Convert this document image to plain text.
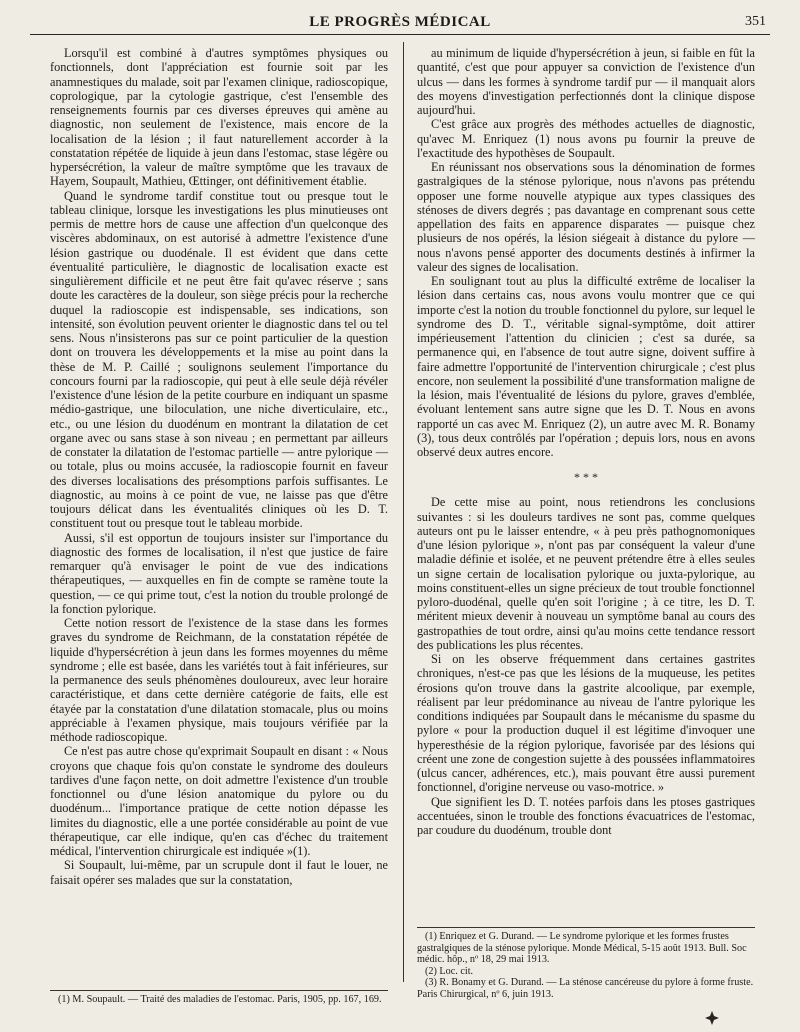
LE PROGRÈS MÉDICAL	351

Lorsqu'il est combiné à d'autres symptômes physiques ou fonctionnels, dont l'appréciation est fournie soit par les anamnestiques du malade, soit par l'examen clinique, radioscopique, coprologique, par la cytologie gastrique, c'est l'ensemble des renseignements fournis par ces diverses épreuves qui amène au diagnostic, non seulement de l'existence, mais encore de la localisation de la lésion ; il faut naturellement accorder à la constatation répétée de liquide à jeun dans l'estomac, stase légère ou hypersécrétion, la valeur de maître symptôme que les travaux de Hayem, Soupault, Mathieu, Œttinger, ont définitivement établie.

Quand le syndrome tardif constitue tout ou presque tout le tableau clinique, lorsque les investigations les plus minutieuses ont permis de mettre hors de cause une affection d'un quelconque des viscères abdominaux, on est autorisé à admettre l'existence d'une lésion gastrique ou duodénale. Il est évident que dans cette éventualité particulière, le diagnostic de localisation exacte est singulièrement difficile et ne peut être fait qu'avec réserve ; sans doute les caractères de la douleur, son siège précis pour la recherche duquel la radioscopie est indispensable, ses indications, son intensité, son évolution peuvent orienter le diagnostic dans tel ou tel sens. Nous n'insisterons pas sur ce point particulier de la question dont on trouvera les développements et la mise au point dans la thèse de M. P. Caillé ; soulignons seulement l'importance du concours fourni par la radioscopie, qui peut à elle seule déjà révéler l'existence d'une lésion de la petite courbure en indiquant un spasme médio-gastrique, une biloculation, une niche diverticulaire, etc., etc., ou une lésion du duodénum en montrant la dilatation de cet organe avec ou sans stase à son niveau ; en permettant par ailleurs de constater la dilatation de l'estomac partielle — antre pylorique — ou totale, plus ou moins accusée, la radioscopie fournit en faveur des diverses localisations des présomptions parfois suffisantes. Le diagnostic, au moins à ce point de vue, ne laisse pas que d'être toujours délicat dans les éventualités cliniques où les D. T. constituent tout ou presque tout le tableau morbide.

Aussi, s'il est opportun de toujours insister sur l'importance du diagnostic des formes de localisation, il n'est que justice de faire remarquer qu'à envisager le point de vue des indications thérapeutiques, — auxquelles en fin de compte se ramène toute la question, — ce qui prime tout, c'est la notion du trouble prolongé de la fonction pylorique.

Cette notion ressort de l'existence de la stase dans les formes graves du syndrome de Reichmann, de la constatation répétée de liquide d'hypersécrétion à jeun dans les formes moyennes du même syndrome ; elle est basée, dans les variétés tout à fait inférieures, sur la permanence des seuls phénomènes douloureux, avec leur horaire caractéristique, et dans cette dernière catégorie de faits, elle est étayée par la constatation d'une dilatation stomacale, plus ou moins appréciable à l'examen physique, mais toujours vérifiée par la méthode radioscopique.

Ce n'est pas autre chose qu'exprimait Soupault en disant : « Nous croyons que chaque fois qu'on constate le syndrome des douleurs tardives d'une façon nette, on doit admettre l'existence d'un trouble fonctionnel ou d'une lésion anatomique du pylore ou du duodénum... l'importance pratique de cette notion dépasse les limites du diagnostic, elle a une portée considérable au point de vue thérapeutique, car elle indique, qu'en cas d'échec du traitement médical, l'intervention chirurgicale est indiquée »(1).

Si Soupault, lui-même, par un scrupule dont il faut le louer, ne faisait opérer ses malades que sur la constatation,

(1) M. Soupault. — Traité des maladies de l'estomac. Paris, 1905, pp. 167, 169.

au minimum de liquide d'hypersécrétion à jeun, si faible en fût la quantité, c'est que pour appuyer sa conviction de l'existence d'un ulcus — dans les formes à syndrome tardif pur — il manquait alors des moyens d'investigation perfectionnés dont la clinique dispose aujourd'hui.

C'est grâce aux progrès des méthodes actuelles de diagnostic, qu'avec M. Enriquez (1) nous avons pu fournir la preuve de l'exactitude des hypothèses de Soupault.

En réunissant nos observations sous la dénomination de formes gastralgiques de la sténose pylorique, nous n'avons pas prétendu opposer une forme nouvelle atypique aux types classiques des sténoses de divers degrés ; pas davantage en comprenant sous cette appellation des faits en apparence disparates — puisque chez plusieurs de nos opérés, la lésion siégeait à distance du pylore — nous n'avons pensé apporter des documents destinés à infirmer la valeur des signes de localisation.

En soulignant tout au plus la difficulté extrême de localiser la lésion dans certains cas, nous avons voulu montrer que ce qui importe c'est la notion du trouble fonctionnel du pylore, sur lequel le syndrome des D. T., véritable signal-symptôme, doit attirer impérieusement l'attention du clinicien ; c'est sa durée, sa permanence qui, en l'absence de tout autre signe, doivent suffire à faire admettre l'opportunité de l'intervention chirurgicale ; c'est plus encore, non seulement la possibilité d'une transformation maligne de la lésion, mais l'éventualité de lésions du pylore, graves d'emblée, évoluant lentement sans autre signe que les D. T. Nous en avons rapporté un cas avec M. Enriquez (2), un autre avec M. R. Bonamy (3), tous deux contrôlés par l'opération ; depuis lors, nous en avons observé deux autres encore.

* * *

De cette mise au point, nous retiendrons les conclusions suivantes : si les douleurs tardives ne sont pas, comme quelques auteurs ont pu le laisser entendre, « à peu près pathognomoniques d'une lésion pylorique », n'ont pas par conséquent la valeur d'une maladie définie et isolée, et ne peuvent prétendre être à elles seules un signe certain de localisation pylorique ou juxta-pylorique, au moins constituent-elles un signe précieux de tout trouble fonctionnel pyloro-duodénal, quelle qu'en soit l'origine ; à ce titre, les D. T. méritent mieux devenir à nouveau un symptôme banal au cours des gastropathies de tout ordre, ainsi qu'au moins cette tendance ressort des publications les plus récentes.

Si on les observe fréquemment dans certaines gastrites chroniques, n'est-ce pas que les lésions de la muqueuse, les petites érosions qu'on trouve dans la gastrite alcoolique, par exemple, réalisent par leur prédominance au niveau de l'antre pylorique les conditions indiquées par Soupault dans le mécanisme du spasme du pylore « pour la production duquel il est légitime d'invoquer une hyperesthésie de la région pylorique, favorisée par des lésions qui créent une zone de congestion sujette à des poussées inflammatoires (ulcus cancer, adhérences, etc.), mais pouvant être aussi purement fonctionnel, d'origine nerveuse ou vaso-motrice. »

Que signifient les D. T. notées parfois dans les ptoses gastriques accentuées, sinon le trouble des fonctions évacuatrices de l'estomac, par coudure du duodénum, trouble dont

(1) Enriquez et G. Durand. — Le syndrome pylorique et les formes frustes gastralgiques de la sténose pylorique. Monde Médical, 5-15 août 1913. Bull. Soc médic. hôp., nº 18, 29 mai 1913.

(2) Loc. cit.

(3) R. Bonamy et G. Durand. — La sténose cancéreuse du pylore à forme fruste. Paris Chirurgical, nº 6, juin 1913.
